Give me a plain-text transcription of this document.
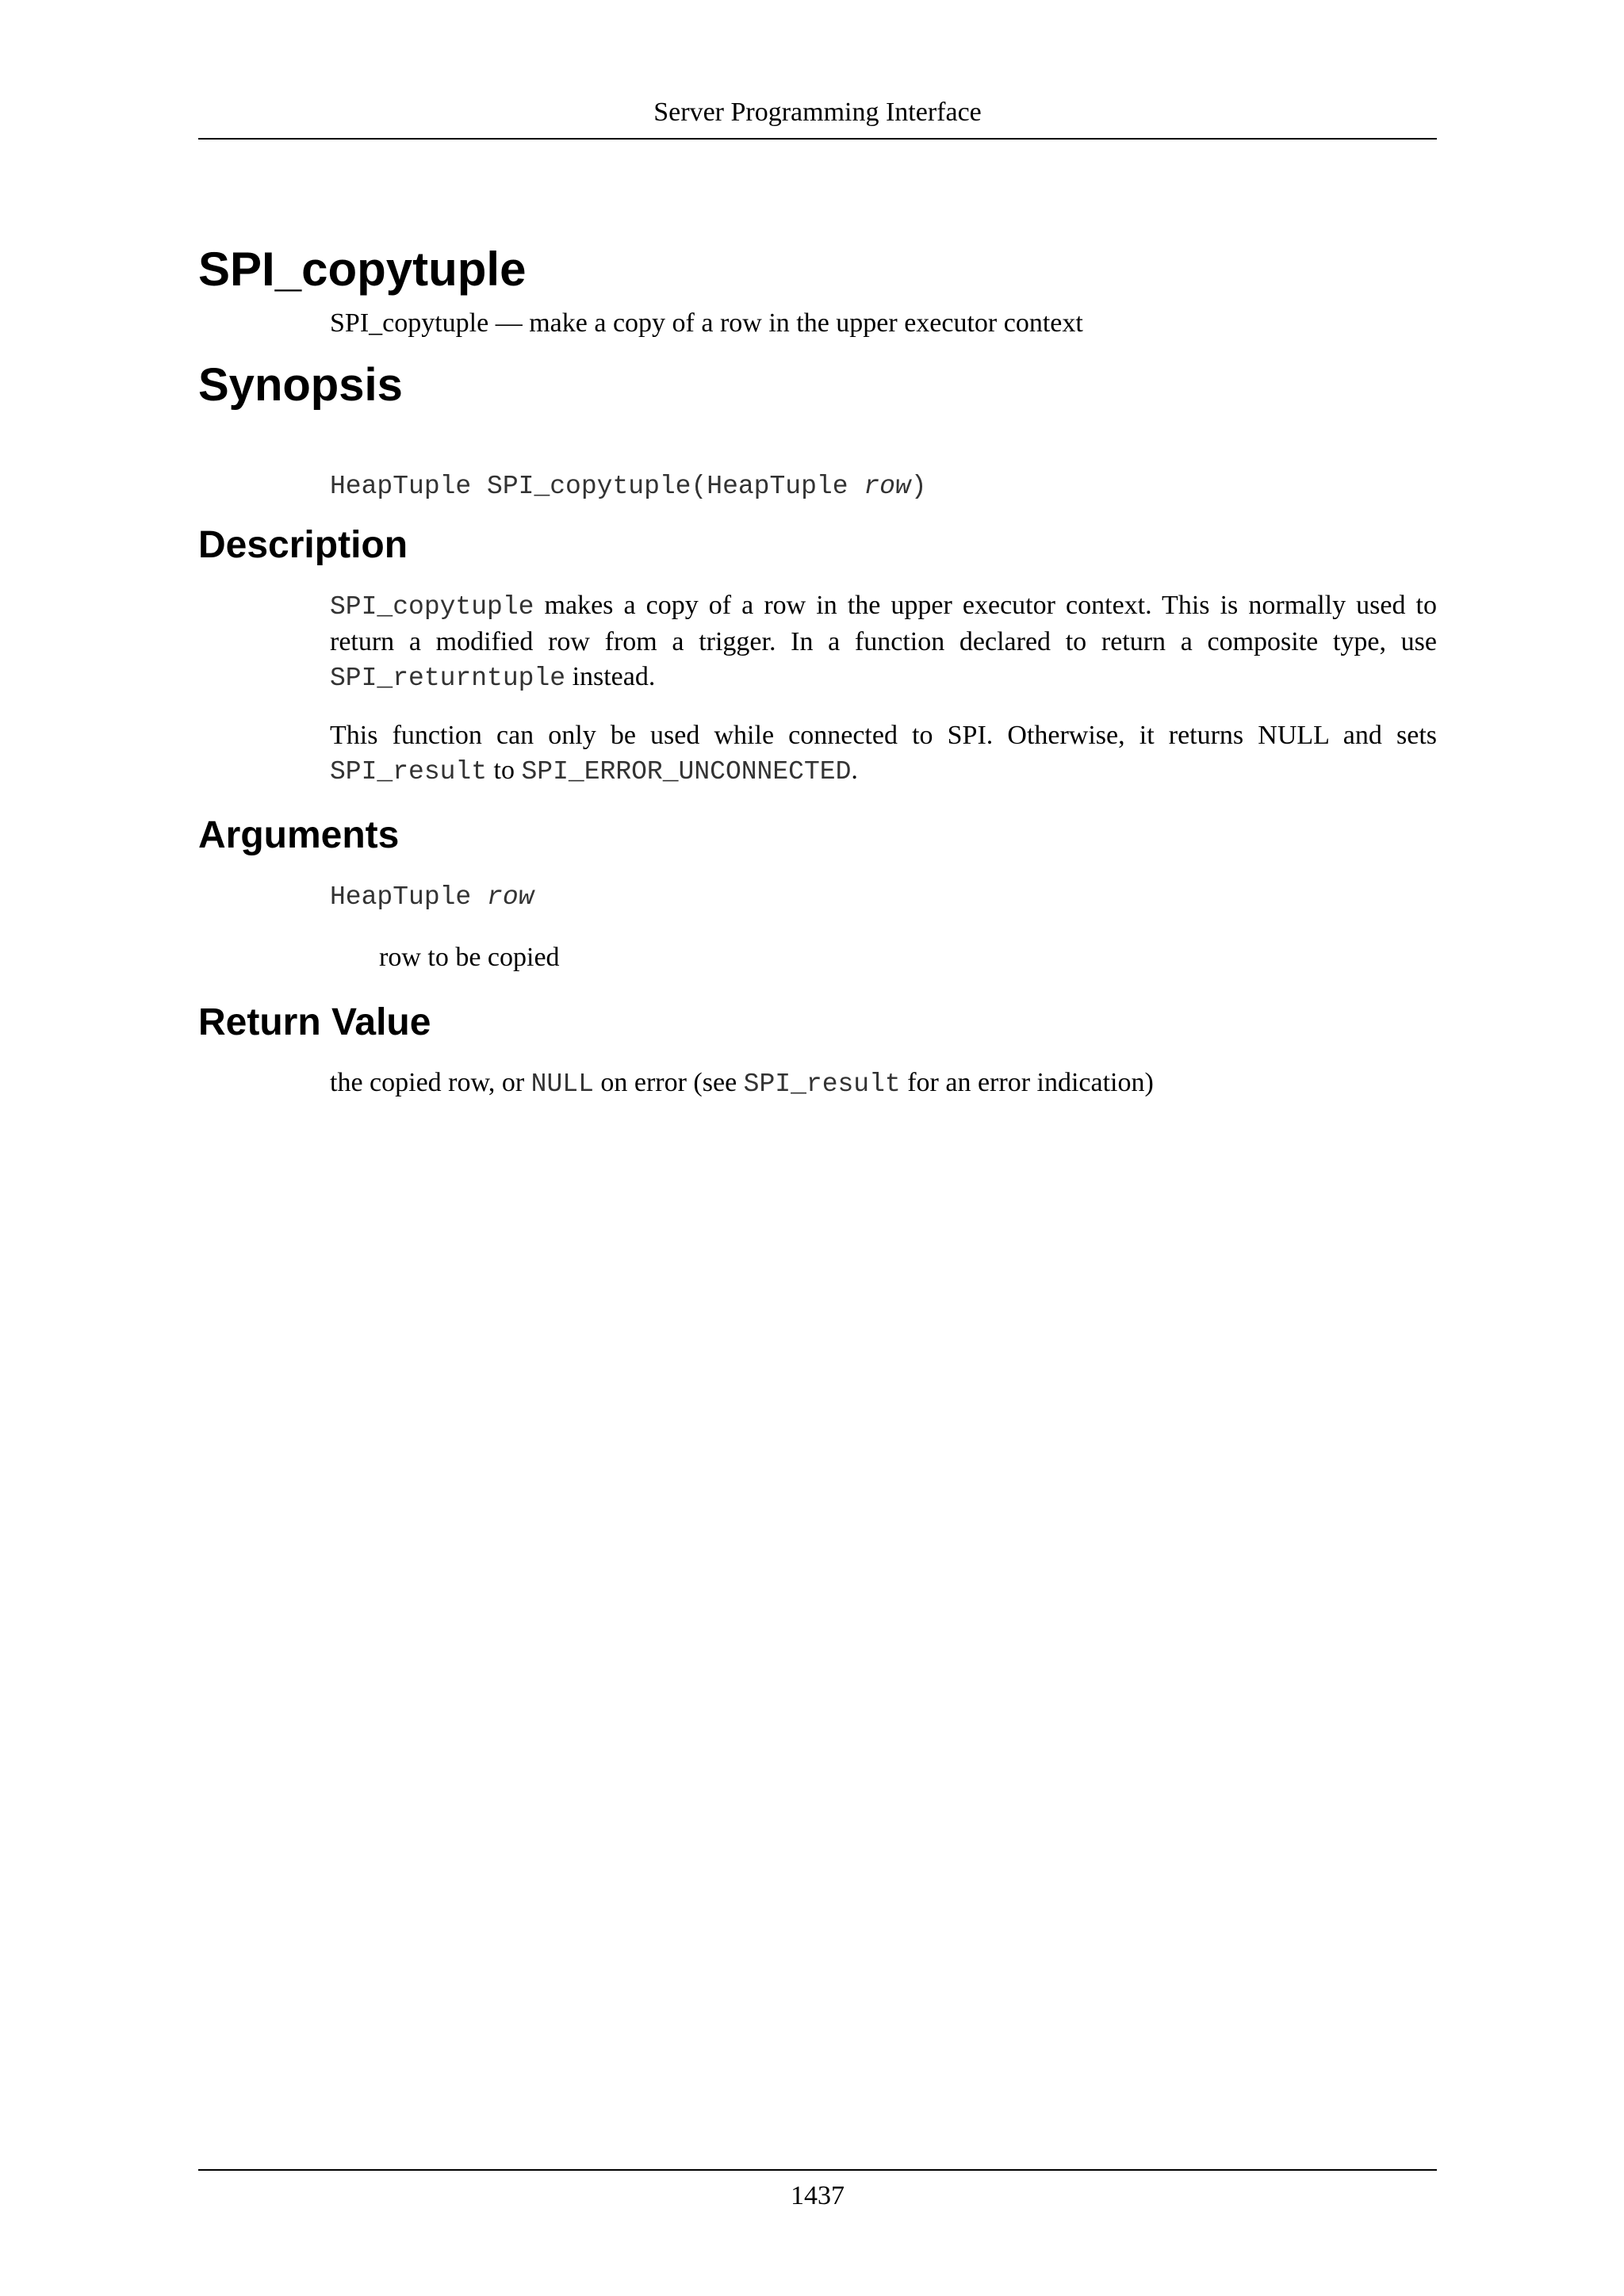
Server Programming Interface
SPI_copytuple

SPI_copytuple — make a copy of a row in the upper executor context

Synopsis
HeapTuple SPI_copytuple(HeapTuple row)
Description

SPI_copytuple makes a copy of a row in the upper executor context. This is normally used to return a modified row from a trigger. In a function declared to return a composite type, use SPI_returntuple instead.

This function can only be used while connected to SPI. Otherwise, it returns NULL and sets SPI_result to SPI_ERROR_UNCONNECTED.

Arguments
HeapTuple row
row to be copied
Return Value

the copied row, or NULL on error (see SPI_result for an error indication)

1437
